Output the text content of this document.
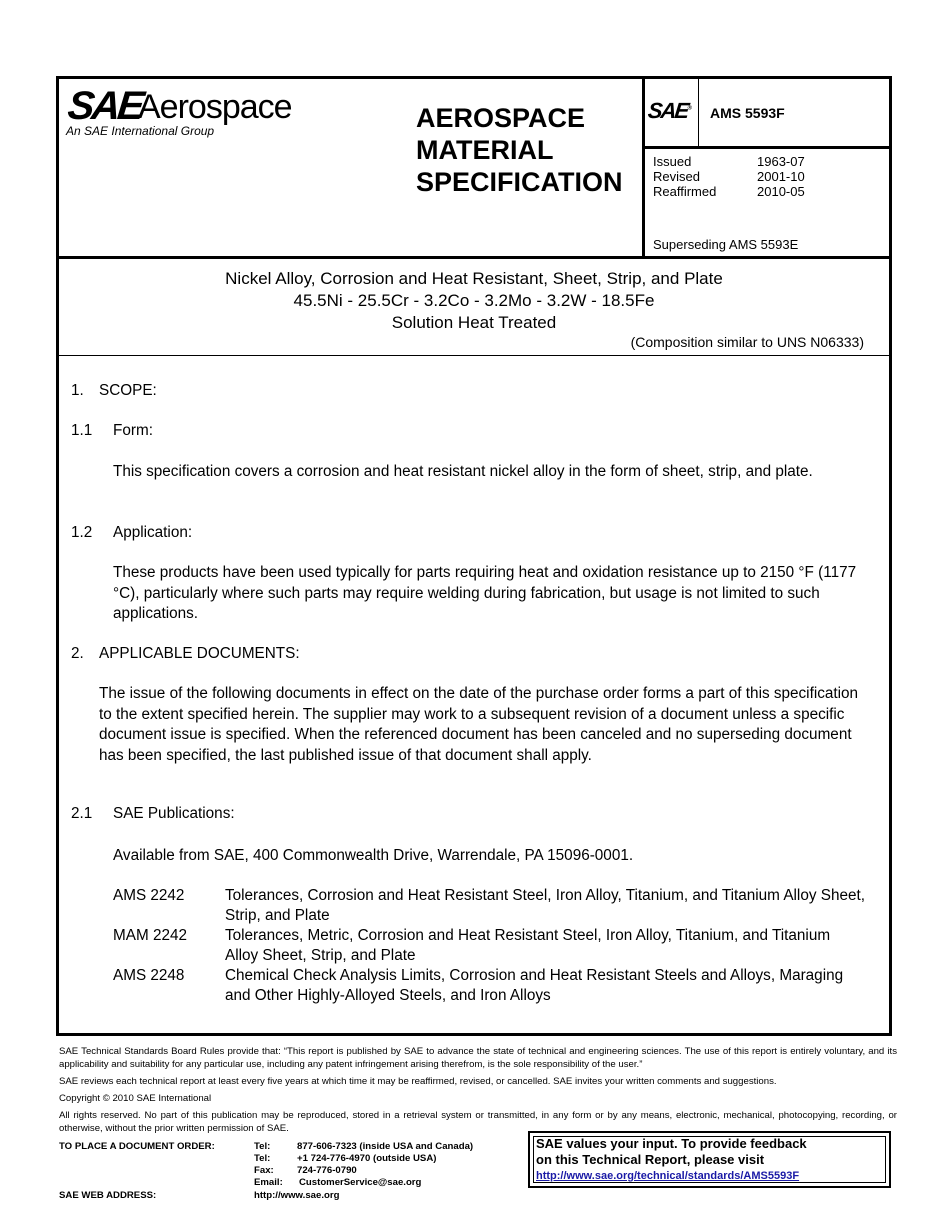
SAE
Aerospace
An SAE International Group	AEROSPACE
MATERIAL
SPECIFICATION
SAE® AMS 5593F
Issued	1963-07
Revised	2001-10
Reaffirmed	2010-05
Superseding AMS 5593E
Nickel Alloy, Corrosion and Heat Resistant, Sheet, Strip, and Plate
45.5Ni - 25.5Cr - 3.2Co - 3.2Mo - 3.2W - 18.5Fe
Solution Heat Treated
(Composition similar to UNS N06333)
1. SCOPE:
1.1 Form:
This specification covers a corrosion and heat resistant nickel alloy in the form of sheet, strip, and plate.
1.2 Application:
These products have been used typically for parts requiring heat and oxidation resistance up to 2150 °F (1177 °C), particularly where such parts may require welding during fabrication, but usage is not limited to such applications.
2. APPLICABLE DOCUMENTS:
The issue of the following documents in effect on the date of the purchase order forms a part of this specification to the extent specified herein. The supplier may work to a subsequent revision of a document unless a specific document issue is specified. When the referenced document has been canceled and no superseding document has been specified, the last published issue of that document shall apply.
2.1 SAE Publications:
Available from SAE, 400 Commonwealth Drive, Warrendale, PA 15096-0001.
AMS 2242	Tolerances, Corrosion and Heat Resistant Steel, Iron Alloy, Titanium, and Titanium Alloy Sheet, Strip, and Plate
MAM 2242 Tolerances, Metric, Corrosion and Heat Resistant Steel, Iron Alloy, Titanium, and Titanium Alloy Sheet, Strip, and Plate
AMS 2248	Chemical Check Analysis Limits, Corrosion and Heat Resistant Steels and Alloys, Maraging and Other Highly-Alloyed Steels, and Iron Alloys
SAE Technical Standards Board Rules provide that: “This report is published by SAE to advance the state of technical and engineering sciences. The use of this report is entirely voluntary, and its applicability and suitability for any particular use, including any patent infringement arising therefrom, is the sole responsibility of the user.”
SAE reviews each technical report at least every five years at which time it may be reaffirmed, revised, or cancelled. SAE invites your written comments and suggestions.
Copyright © 2010 SAE International
All rights reserved. No part of this publication may be reproduced, stored in a retrieval system or transmitted, in any form or by any means, electronic, mechanical, photocopying, recording, or otherwise, without the prior written permission of SAE.
TO PLACE A DOCUMENT ORDER:	Tel:	877-606-7323 (inside USA and Canada)
Tel:	+1 724-776-4970 (outside USA)
Fax: 724-776-0790
Email: CustomerService@sae.org
SAE WEB ADDRESS:	http://www.sae.org
SAE values your input. To provide feedback
on this Technical Report, please visit
http://www.sae.org/technical/standards/AMS5593F
